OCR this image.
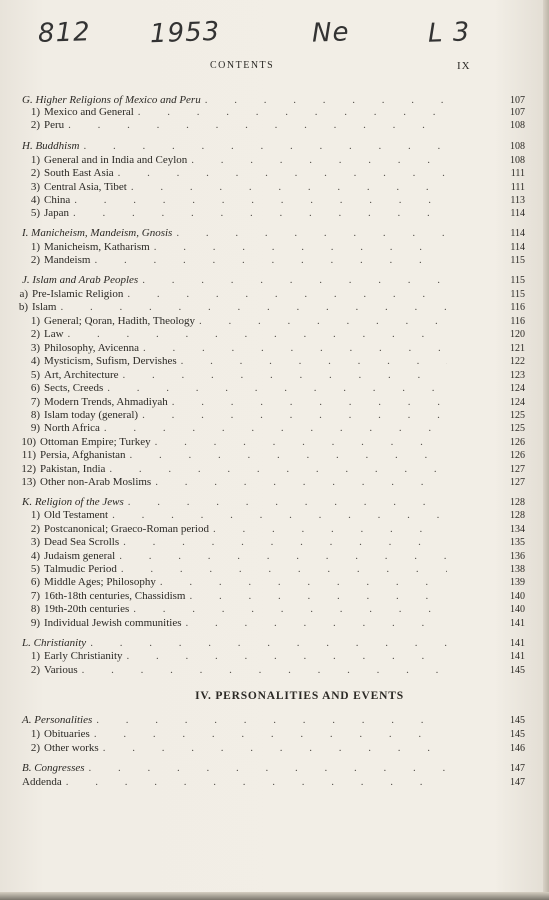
812 1953	Ne	L 3
CONTENTS	IX
G. Higher Religions of Mexico and Peru . . .	107
1) Mexico and General . . .	107
2) Peru . . .	108
H. Buddhism . . .	108
1) General and in India and Ceylon . . .	108
2) South East Asia . . .	111
3) Central Asia, Tibet . . .	111
4) China . . .	113
5) Japan . . .	114
I. Manicheism, Mandeism, Gnosis . . .	114
1) Manicheism, Katharism . . .	114
2) Mandeism . . .	115
J. Islam and Arab Peoples . . .	115
a) Pre-Islamic Religion . . .	115
b) Islam . . .	116
1) General; Qoran, Hadith, Theology . . .	116
2) Law . . .	120
3) Philosophy, Avicenna . . .	121
4) Mysticism, Sufism, Dervishes . . .	122
5) Art, Architecture . . .	123
6) Sects, Creeds . . .	124
7) Modern Trends, Ahmadiyah . . .	124
8) Islam today (general) . . .	125
9) North Africa . . .	125
10) Ottoman Empire; Turkey . . .	126
11) Persia, Afghanistan . . .	126
12) Pakistan, India . . .	127
13) Other non-Arab Moslims . . .	127
K. Religion of the Jews . . .	128
1) Old Testament . . .	128
2) Postcanonical; Graeco-Roman period . . .	134
3) Dead Sea Scrolls . . .	135
4) Judaism general . . .	136
5) Talmudic Period . . .	138
6) Middle Ages; Philosophy . . .	139
7) 16th-18th centuries, Chassidism . . .	140
8) 19th-20th centuries . . .	140
9) Individual Jewish communities . . .	141
L. Christianity . . .	141
1) Early Christianity . . .	141
2) Various . . .	145
A. Personalities . . .	145
1) Obituaries . . .	145
2) Other works . . .	146
B. Congresses . . .	147
Addenda . . .	147
IV. PERSONALITIES AND EVENTS
